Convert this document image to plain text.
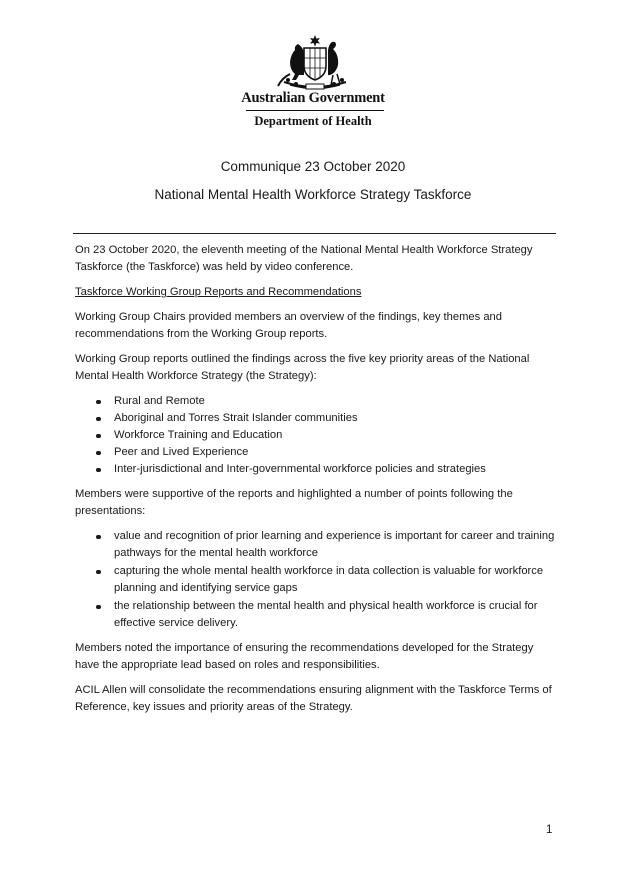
Australian Government
Department of Health
Communique 23 October 2020
National Mental Health Workforce Strategy Taskforce

On 23 October 2020, the eleventh meeting of the National Mental Health Workforce Strategy Taskforce (the Taskforce) was held by video conference.

Taskforce Working Group Reports and Recommendations

Working Group Chairs provided members an overview of the findings, key themes and recommendations from the Working Group reports.

Working Group reports outlined the findings across the five key priority areas of the National Mental Health Workforce Strategy (the Strategy):

Rural and Remote
Aboriginal and Torres Strait Islander communities
Workforce Training and Education
Peer and Lived Experience
Inter-jurisdictional and Inter-governmental workforce policies and strategies

Members were supportive of the reports and highlighted a number of points following the presentations:

value and recognition of prior learning and experience is important for career and training pathways for the mental health workforce
capturing the whole mental health workforce in data collection is valuable for workforce planning and identifying service gaps
the relationship between the mental health and physical health workforce is crucial for effective service delivery.

Members noted the importance of ensuring the recommendations developed for the Strategy have the appropriate lead based on roles and responsibilities.

ACIL Allen will consolidate the recommendations ensuring alignment with the Taskforce Terms of Reference, key issues and priority areas of the Strategy.

1
